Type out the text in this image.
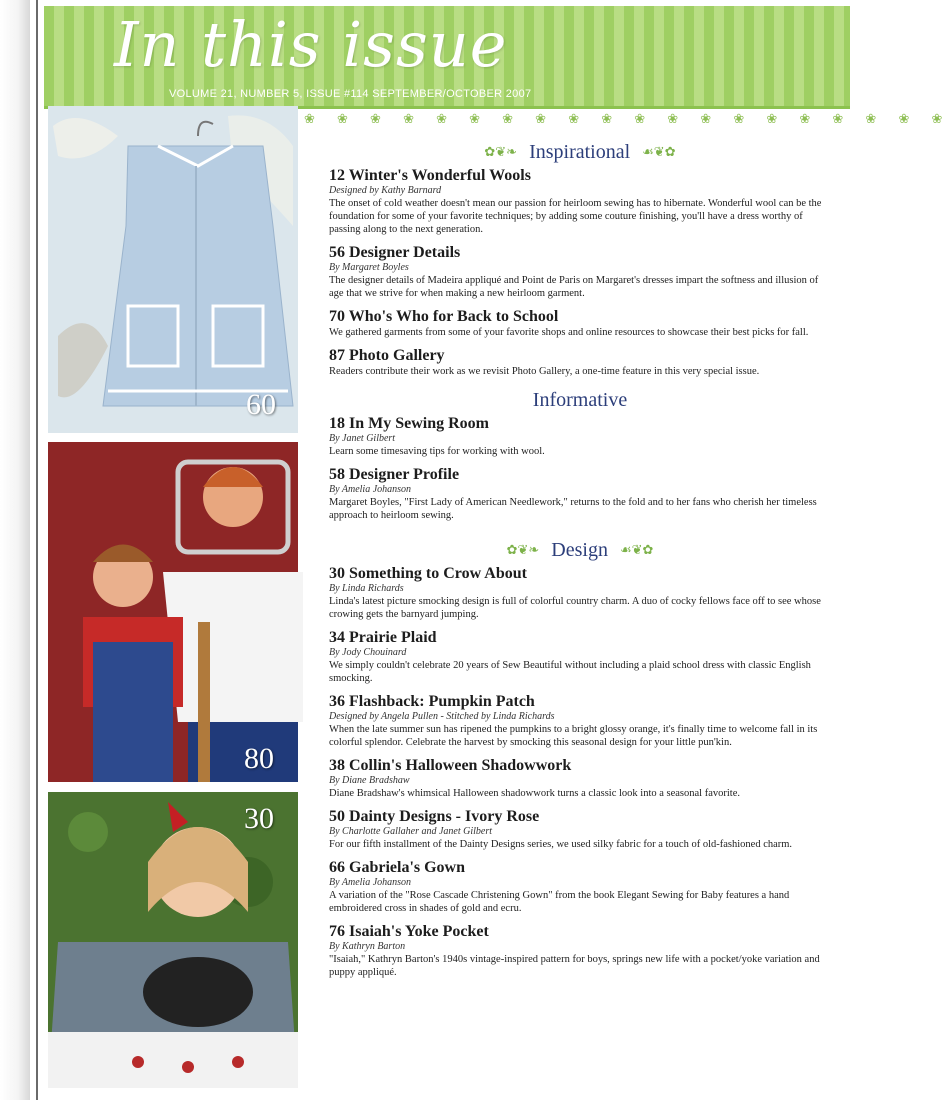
In this issue
VOLUME 21, NUMBER 5, ISSUE #114 SEPTEMBER/OCTOBER 2007
60
80
30
❀ ❀ ❀ ❀ ❀ ❀ ❀ ❀ ❀ ❀ ❀ ❀ ❀ ❀ ❀ ❀ ❀ ❀ ❀ ❀
✿❦❧ Inspirational ☙❦✿
12 Winter's Wonderful Wools
Designed by Kathy Barnard
The onset of cold weather doesn't mean our passion for heirloom sewing has to hibernate. Wonderful wool can be the foundation for some of your favorite techniques; by adding some couture finishing, you'll have a dress worthy of passing along to the next generation.
56 Designer Details
By Margaret Boyles
The designer details of Madeira appliqué and Point de Paris on Margaret's dresses impart the softness and illusion of age that we strive for when making a new heirloom garment.
70 Who's Who for Back to School
We gathered garments from some of your favorite shops and online resources to showcase their best picks for fall.
87 Photo Gallery
Readers contribute their work as we revisit Photo Gallery, a one-time feature in this very special issue.
Informative
18 In My Sewing Room
By Janet Gilbert
Learn some timesaving tips for working with wool.
58 Designer Profile
By Amelia Johanson
Margaret Boyles, "First Lady of American Needlework," returns to the fold and to her fans who cherish her timeless approach to heirloom sewing.
✿❦❧ Design ☙❦✿
30 Something to Crow About
By Linda Richards
Linda's latest picture smocking design is full of colorful country charm. A duo of cocky fellows face off to see whose crowing gets the barnyard jumping.
34 Prairie Plaid
By Jody Chouinard
We simply couldn't celebrate 20 years of Sew Beautiful without including a plaid school dress with classic English smocking.
36 Flashback: Pumpkin Patch
Designed by Angela Pullen - Stitched by Linda Richards
When the late summer sun has ripened the pumpkins to a bright glossy orange, it's finally time to welcome fall in its colorful splendor. Celebrate the harvest by smocking this seasonal design for your little pun'kin.
38 Collin's Halloween Shadowwork
By Diane Bradshaw
Diane Bradshaw's whimsical Halloween shadowwork turns a classic look into a seasonal favorite.
50 Dainty Designs - Ivory Rose
By Charlotte Gallaher and Janet Gilbert
For our fifth installment of the Dainty Designs series, we used silky fabric for a touch of old-fashioned charm.
66 Gabriela's Gown
By Amelia Johanson
A variation of the "Rose Cascade Christening Gown" from the book Elegant Sewing for Baby features a hand embroidered cross in shades of gold and ecru.
76 Isaiah's Yoke Pocket
By Kathryn Barton
"Isaiah," Kathryn Barton's 1940s vintage-inspired pattern for boys, springs new life with a pocket/yoke variation and puppy appliqué.
